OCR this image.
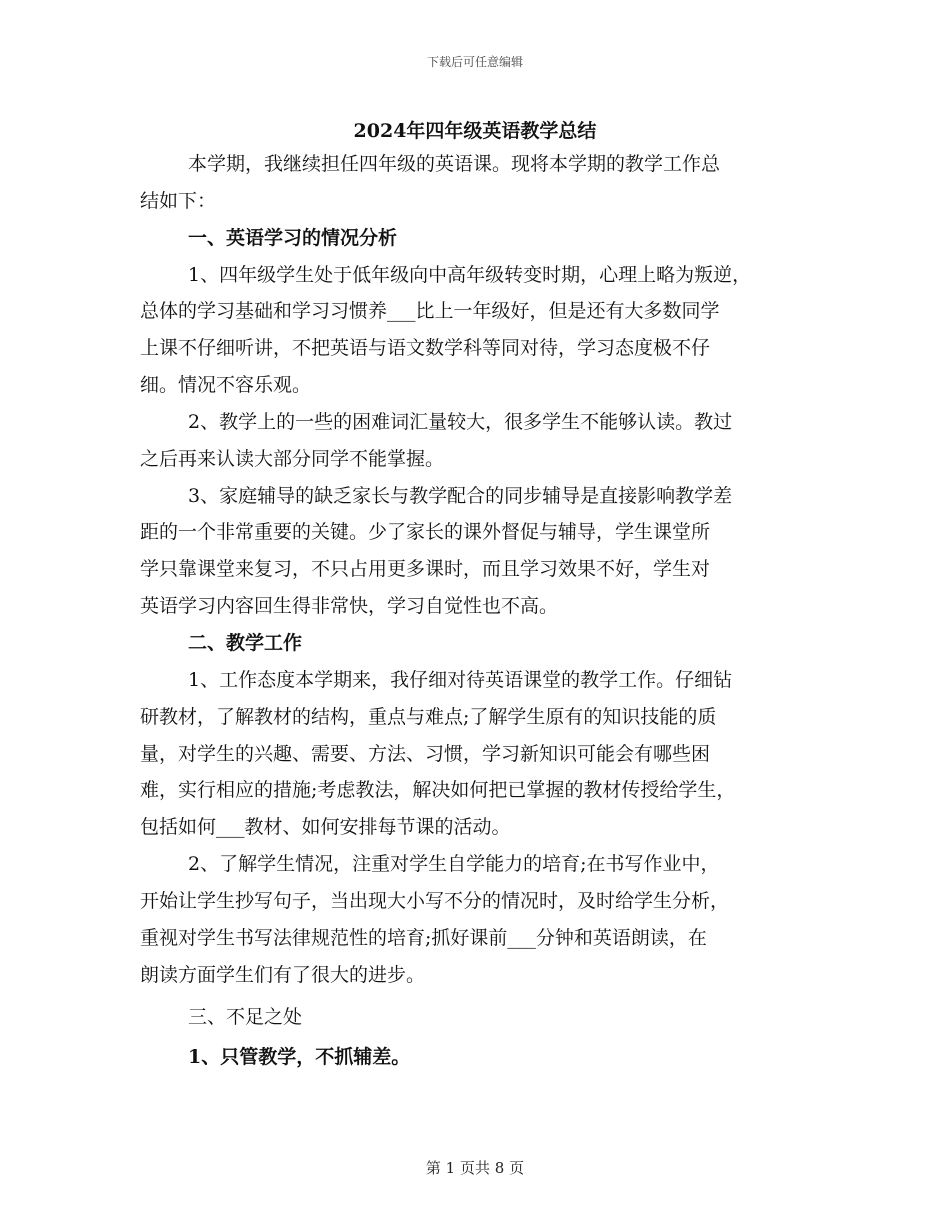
下载后可任意编辑
2024年四年级英语教学总结
本学期，我继续担任四年级的英语课。现将本学期的教学工作总
结如下：
一、英语学习的情况分析
1、四年级学生处于低年级向中高年级转变时期，心理上略为叛逆，
总体的学习基础和学习习惯养___比上一年级好，但是还有大多数同学
上课不仔细听讲，不把英语与语文数学科等同对待，学习态度极不仔
细。情况不容乐观。
2、教学上的一些的困难词汇量较大，很多学生不能够认读。教过
之后再来认读大部分同学不能掌握。
3、家庭辅导的缺乏家长与教学配合的同步辅导是直接影响教学差
距的一个非常重要的关键。少了家长的课外督促与辅导，学生课堂所
学只靠课堂来复习，不只占用更多课时，而且学习效果不好，学生对
英语学习内容回生得非常快，学习自觉性也不高。
二、教学工作
1、工作态度本学期来，我仔细对待英语课堂的教学工作。仔细钻
研教材，了解教材的结构，重点与难点;了解学生原有的知识技能的质
量，对学生的兴趣、需要、方法、习惯，学习新知识可能会有哪些困
难，实行相应的措施;考虑教法，解决如何把已掌握的教材传授给学生，
包括如何___教材、如何安排每节课的活动。
2、了解学生情况，注重对学生自学能力的培育;在书写作业中，
开始让学生抄写句子，当出现大小写不分的情况时，及时给学生分析，
重视对学生书写法律规范性的培育;抓好课前___分钟和英语朗读，在
朗读方面学生们有了很大的进步。
三、不足之处
1、只管教学，不抓辅差。
第 1 页共 8 页
